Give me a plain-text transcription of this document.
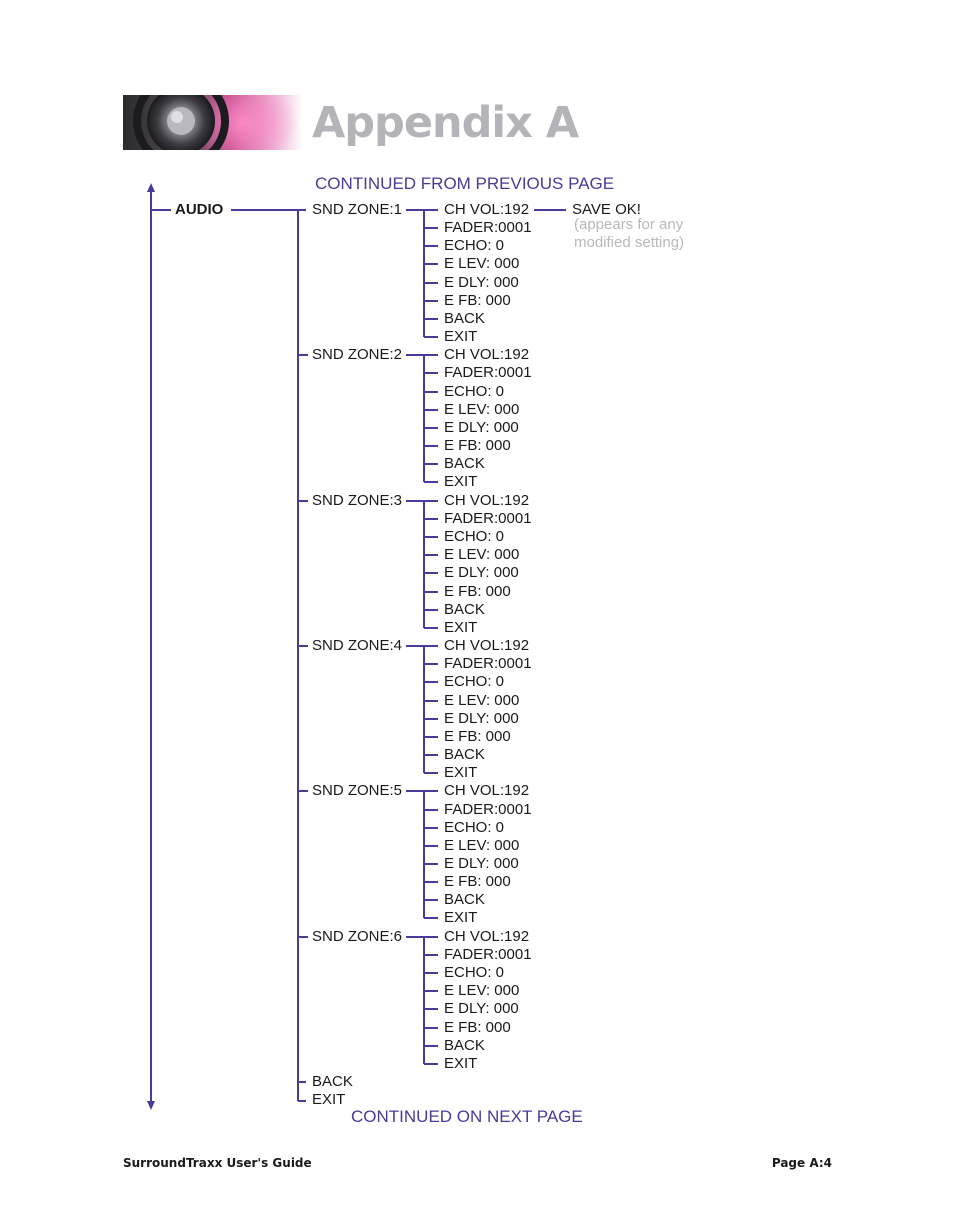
Appendix A
CONTINUED FROM PREVIOUS PAGE
AUDIO	SND ZONE:1	CH VOL:192
FADER:0001
ECHO: 0
E LEV: 000
E DLY: 000
E FB: 000
BACK
EXIT
SAVE OK!
(appears for any
modified setting)
SND ZONE:2	CH VOL:192
FADER:0001
ECHO: 0
E LEV: 000
E DLY: 000
E FB: 000
BACK
EXIT
SND ZONE:3	CH VOL:192
FADER:0001
ECHO: 0
E LEV: 000
E DLY: 000
E FB: 000
BACK
EXIT
SND ZONE:4	CH VOL:192
FADER:0001
ECHO: 0
E LEV: 000
E DLY: 000
E FB: 000
BACK
EXIT
SND ZONE:5	CH VOL:192
FADER:0001
ECHO: 0
E LEV: 000
E DLY: 000
E FB: 000
BACK
EXIT
SND ZONE:6	CH VOL:192
FADER:0001
ECHO: 0
E LEV: 000
E DLY: 000
E FB: 000
BACK
EXIT
BACK
EXIT
CONTINUED ON NEXT PAGE
SurroundTraxx User's Guide	Page A:4
